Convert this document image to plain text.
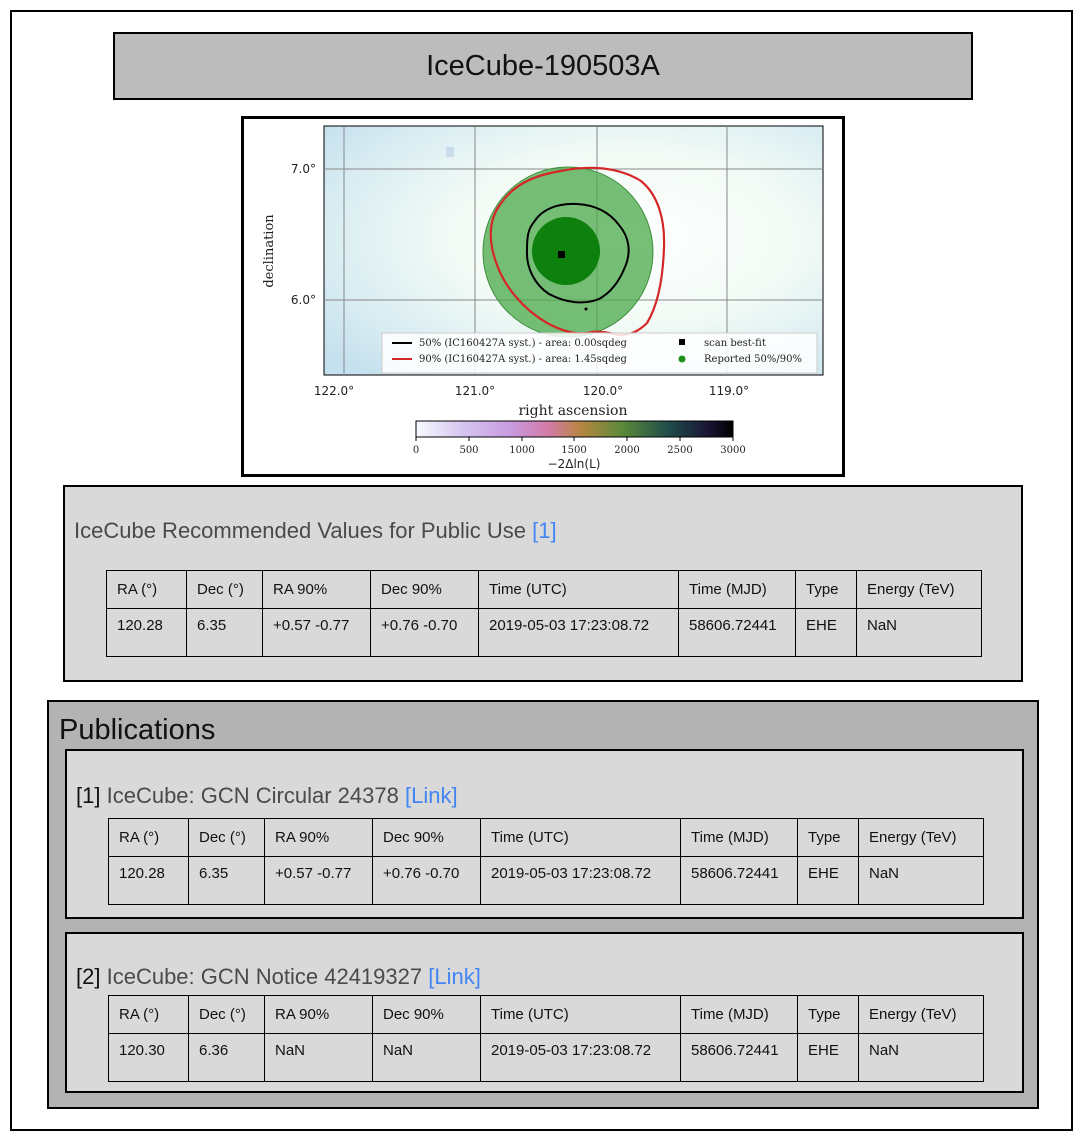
IceCube-190503A
50% (IC160427A syst.) - area: 0.00sqdeg
90% (IC160427A syst.) - area: 1.45sqdeg
scan best-fit
Reported 50%/90%
7.0°
6.0°
122.0°	121.0°	120.0°	119.0°
declination
right ascension
0	500	1000	1500	2000	2500	3000
−2Δln(L)
IceCube Recommended Values for Public Use [1]
RA (°)	Dec (°)	RA 90%	Dec 90%	Time (UTC)	Time (MJD)	Type	Energy (TeV)
120.28	6.35	+0.57 -0.77	+0.76 -0.70	2019-05-03 17:23:08.72	58606.72441	EHE	NaN
Publications
[1] IceCube: GCN Circular 24378 [Link]
RA (°)	Dec (°)	RA 90%	Dec 90%	Time (UTC)	Time (MJD)	Type	Energy (TeV)
120.28	6.35	+0.57 -0.77	+0.76 -0.70	2019-05-03 17:23:08.72	58606.72441	EHE	NaN
[2] IceCube: GCN Notice 42419327 [Link]
RA (°)	Dec (°)	RA 90%	Dec 90%	Time (UTC)	Time (MJD)	Type	Energy (TeV)
120.30	6.36	NaN	NaN	2019-05-03 17:23:08.72	58606.72441	EHE	NaN
